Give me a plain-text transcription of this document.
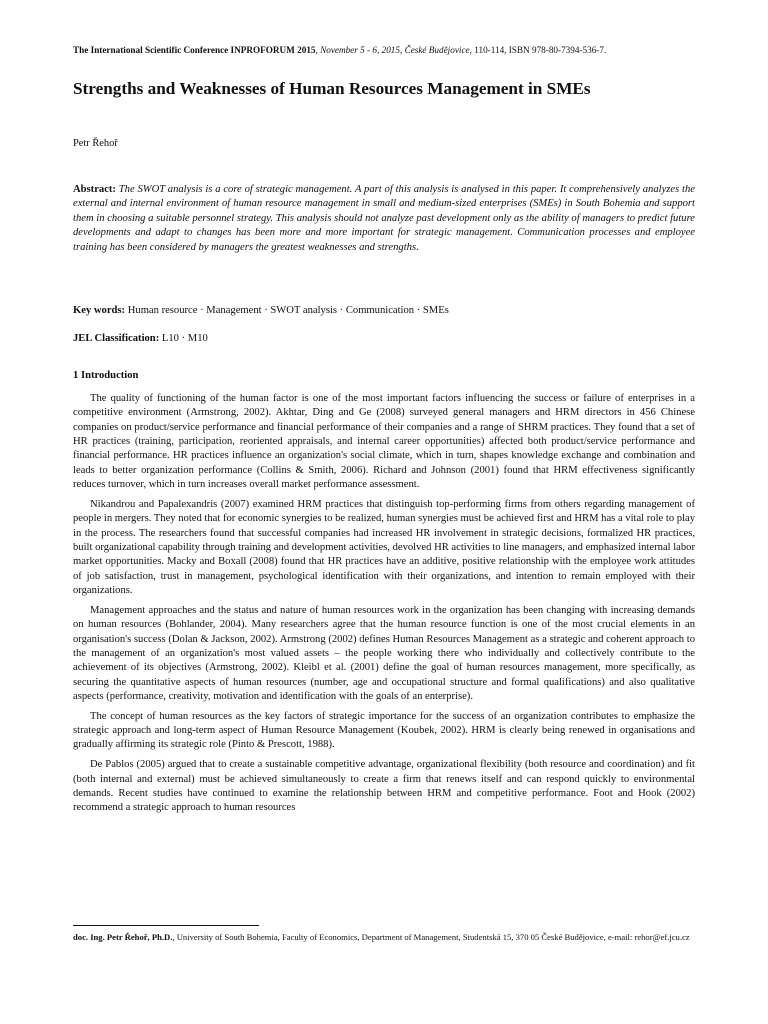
The International Scientific Conference INPROFORUM 2015, November 5 - 6, 2015, České Budějovice, 110-114, ISBN 978-80-7394-536-7.
Strengths and Weaknesses of Human Resources Management in SMEs
Petr Řehoř

Abstract: The SWOT analysis is a core of strategic management. A part of this analysis is analysed in this paper. It comprehensively analyzes the external and internal environment of human resource management in small and medium-sized enterprises (SMEs) in South Bohemia and support them in choosing a suitable personnel strategy. This analysis should not analyze past development only as the ability of managers to predict future developments and adapt to changes has been more and more important for strategic management. Communication processes and employee training has been considered by managers the greatest weaknesses and strengths.

Key words: Human resource · Management · SWOT analysis · Communication · SMEs
JEL Classification: L10 · M10
1 Introduction

The quality of functioning of the human factor is one of the most important factors influencing the success or failure of enterprises in a competitive environment (Armstrong, 2002). Akhtar, Ding and Ge (2008) surveyed general managers and HRM directors in 456 Chinese companies on product/service performance and financial performance of their companies and a range of SHRM practices. They found that a set of HR practices (training, participation, reoriented appraisals, and internal career opportunities) affected both product/service performance and financial performance. HR practices influence an organization's social climate, which in turn, shapes knowledge exchange and combination and leads to better organization performance (Collins & Smith, 2006). Richard and Johnson (2001) found that HRM effectiveness significantly reduces turnover, which in turn increases overall market performance assessment.

Nikandrou and Papalexandris (2007) examined HRM practices that distinguish top-performing firms from others regarding management of people in mergers. They noted that for economic synergies to be realized, human synergies must be achieved first and HRM has a vital role to play in the process. The researchers found that successful companies had increased HR involvement in strategic decisions, formalized HR practices, built organizational capability through training and development activities, devolved HR activities to line managers, and emphasized internal labor market opportunities. Macky and Boxall (2008) found that HR practices have an additive, positive relationship with the employee work attitudes of job satisfaction, trust in management, psychological identification with their organizations, and intention to remain employed with their organizations.

Management approaches and the status and nature of human resources work in the organization has been changing with increasing demands on human resources (Bohlander, 2004). Many researchers agree that the human resource function is one of the most crucial elements in an organisation's success (Dolan & Jackson, 2002). Armstrong (2002) defines Human Resources Management as a strategic and coherent approach to the management of an organization's most valued assets – the people working there who individually and collectively contribute to the achievement of its objectives (Armstrong, 2002). Kleibl et al. (2001) define the goal of human resources management, more specifically, as securing the quantitative aspects of human resources (number, age and occupational structure and formal qualifications) and also qualitative aspects (performance, creativity, motivation and identification with the goals of an enterprise).

The concept of human resources as the key factors of strategic importance for the success of an organization contributes to emphasize the strategic approach and long-term aspect of Human Resource Management (Koubek, 2002). HRM is clearly being renewed in organisations and gradually affirming its strategic role (Pinto & Prescott, 1988).

De Pablos (2005) argued that to create a sustainable competitive advantage, organizational flexibility (both resource and coordination) and fit (both internal and external) must be achieved simultaneously to create a firm that renews itself and can respond quickly to environmental demands. Recent studies have continued to examine the relationship between HRM and competitive performance. Foot and Hook (2002) recommend a strategic approach to human resources

doc. Ing. Petr Řehoř, Ph.D., University of South Bohemia, Faculty of Economics, Department of Management, Studentská 15, 370 05 České Budějovice, e-mail: rehor@ef.jcu.cz
